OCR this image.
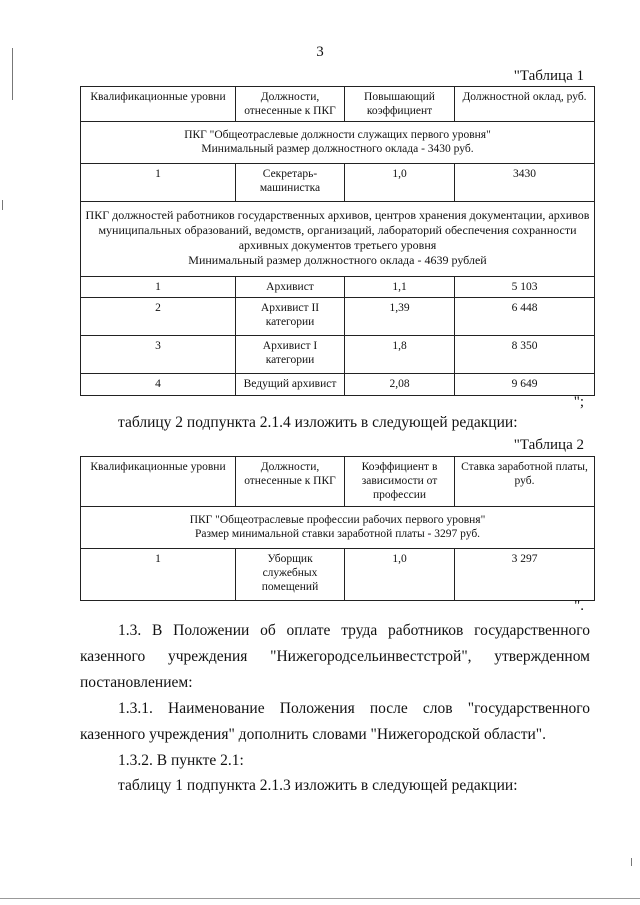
3
"Таблица 1
Квалификационные уровни	Должности, отнесенные к ПКГ	Повышающий коэффициент	Должностной оклад, руб.

ПКГ "Общеотраслевые должности служащих первого уровня"
Минимальный размер должностного оклада - 3430 руб.			

1	Секретарь-машинистка	1,0	3430

ПКГ должностей работников государственных архивов, центров хранения документации, архивов муниципальных образований, ведомств, организаций, лабораторий обеспечения сохранности архивных документов третьего уровня
Минимальный размер должностного оклада - 4639 рублей			

1	Архивист	1,1	5 103
2	Архивист II категории	1,39	6 448
3	Архивист I категории	1,8	8 350
4	Ведущий архивист	2,08	9 649
";

таблицу 2 подпункта 2.1.4 изложить в следующей редакции:

"Таблица 2
Квалификационные уровни	Должности, отнесенные к ПКГ	Коэффициент в зависимости от профессии	Ставка заработной платы, руб.

ПКГ "Общеотраслевые профессии рабочих первого уровня"
Размер минимальной ставки заработной платы - 3297 руб.			

1	Уборщик служебных помещений	1,0	3 297
".

1.3. В Положении об оплате труда работников государственного

казенного учреждения "Нижегородсельинвестстрой", утвержденном

постановлением:

1.3.1. Наименование Положения после слов "государственного

казенного учреждения" дополнить словами "Нижегородской области".

1.3.2. В пункте 2.1:

таблицу 1 подпункта 2.1.3 изложить в следующей редакции:
